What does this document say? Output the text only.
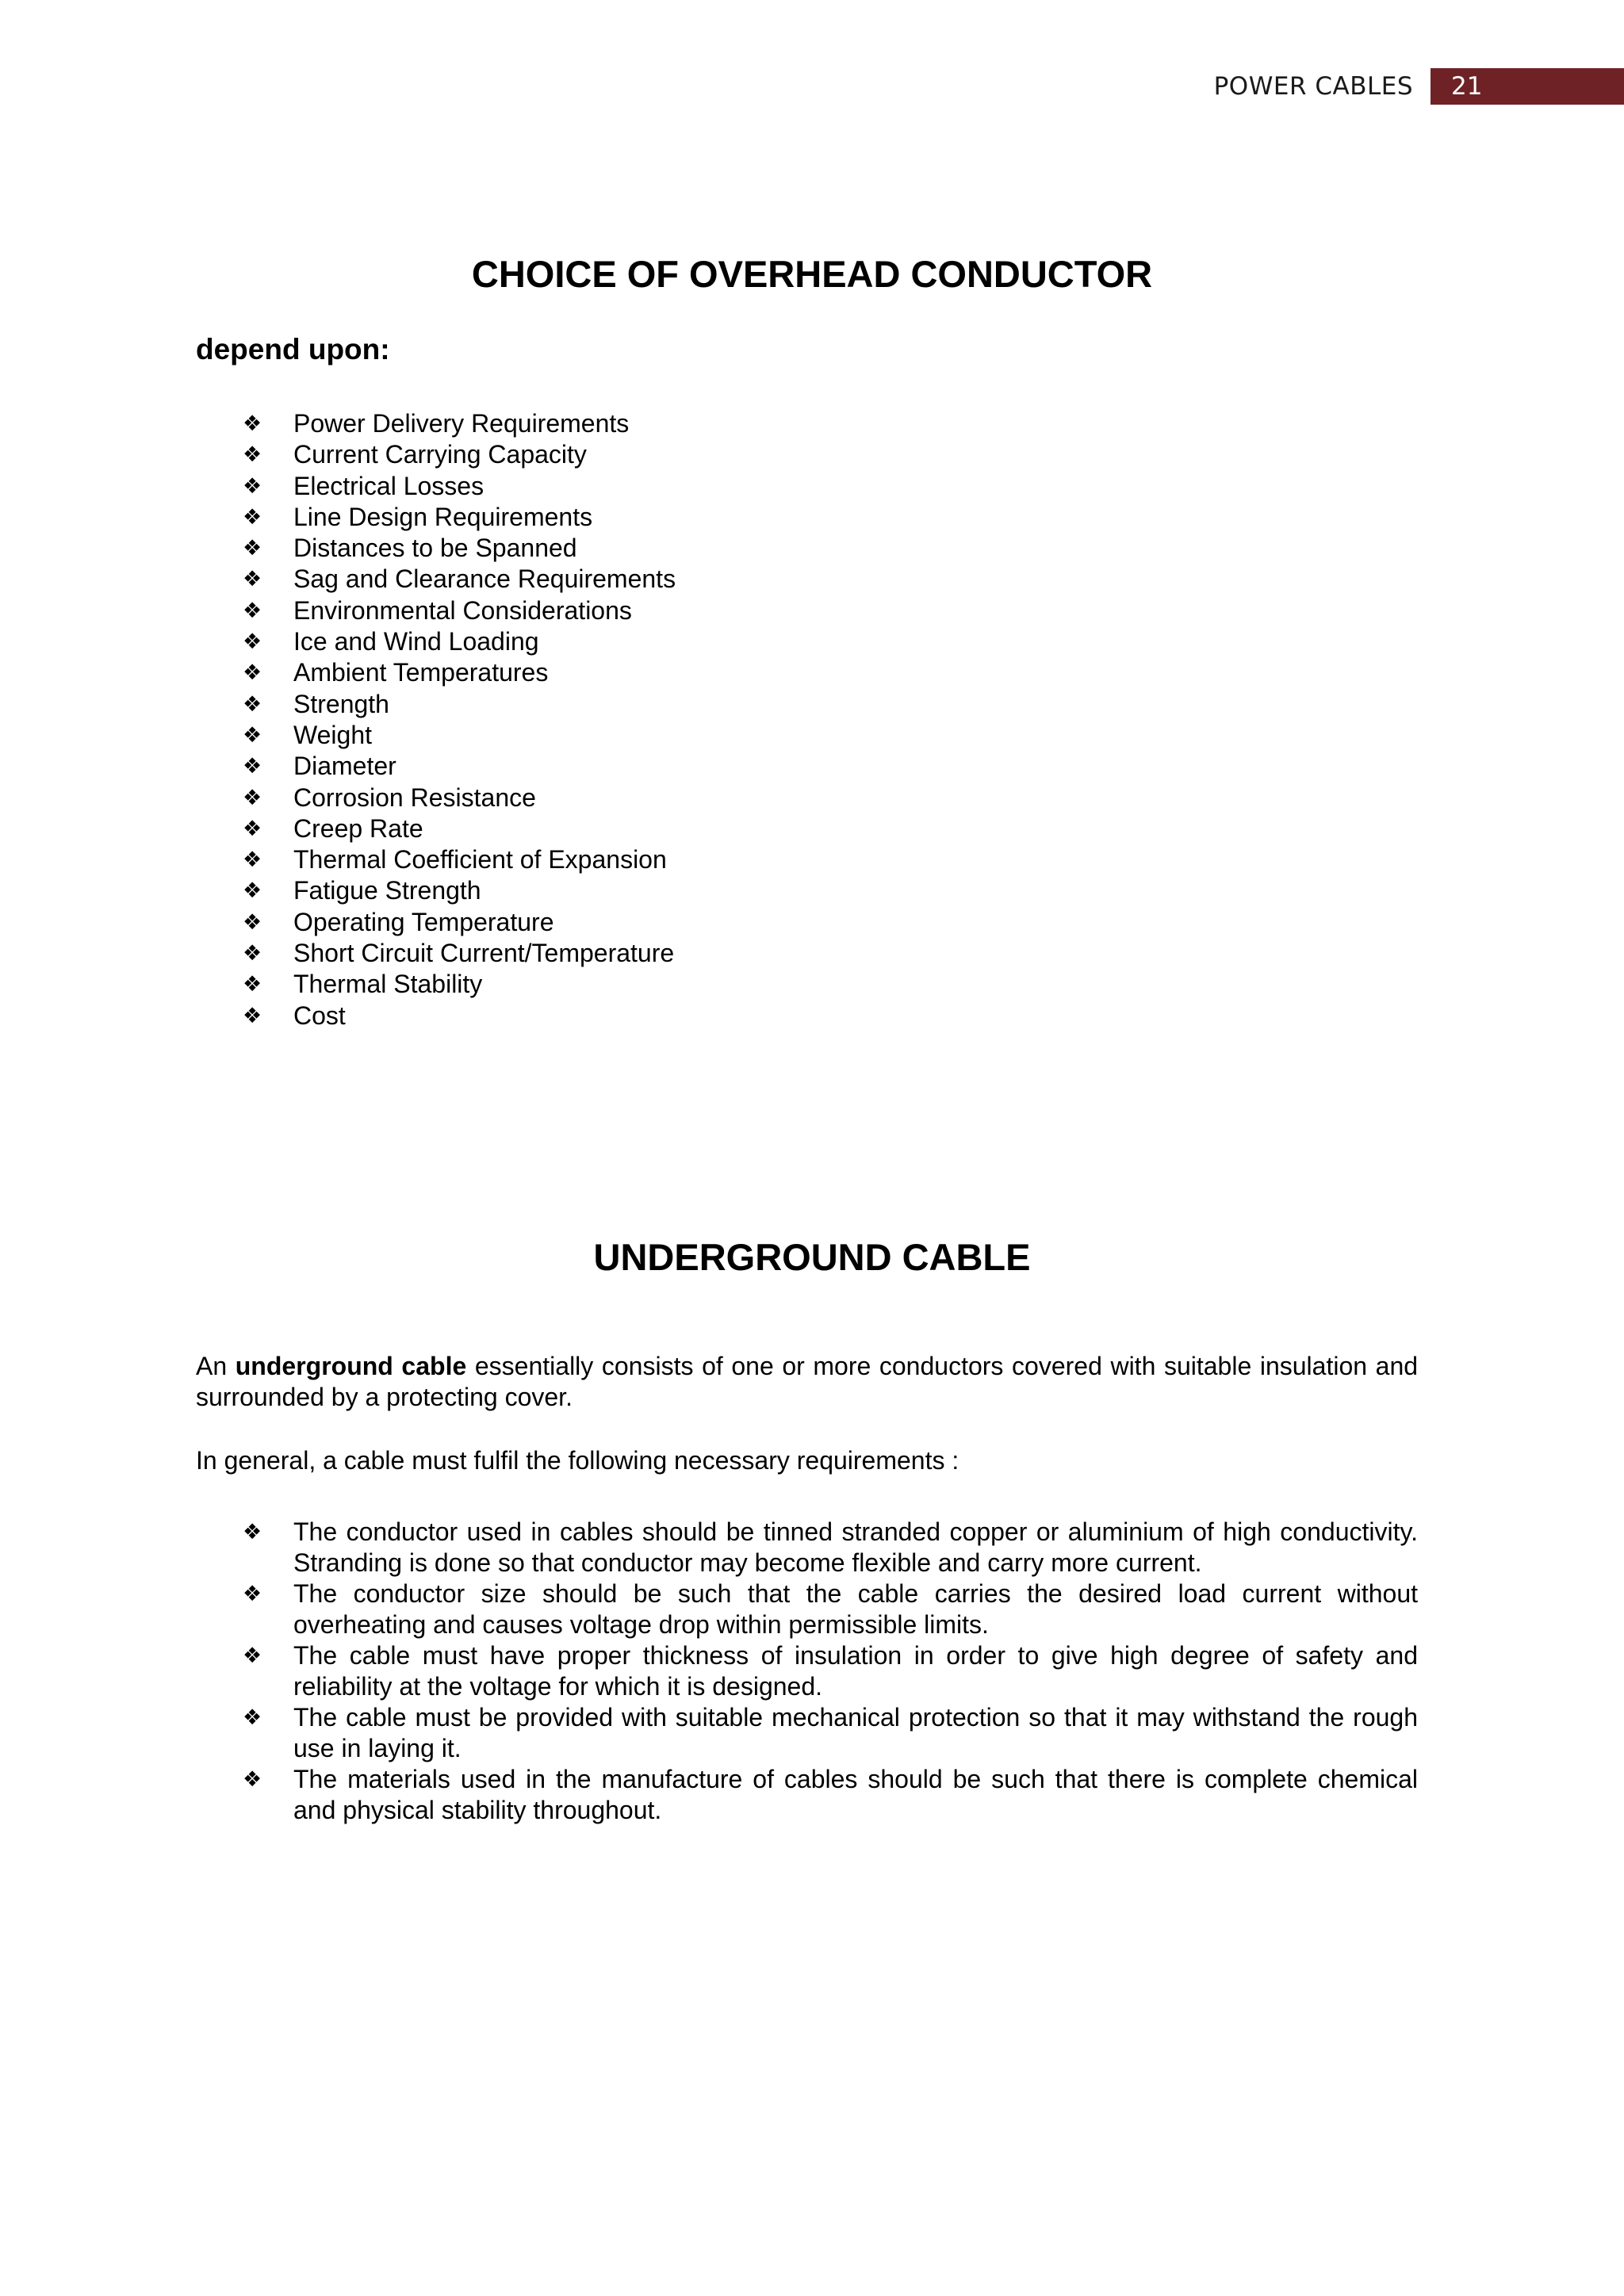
POWER CABLES	21
CHOICE OF OVERHEAD CONDUCTOR

depend upon:

❖ Power Delivery Requirements
❖ Current Carrying Capacity
❖ Electrical Losses
❖ Line Design Requirements
❖ Distances to be Spanned
❖ Sag and Clearance Requirements
❖ Environmental Considerations
❖ Ice and Wind Loading
❖ Ambient Temperatures
❖ Strength
❖ Weight
❖ Diameter
❖ Corrosion Resistance
❖ Creep Rate
❖ Thermal Coefficient of Expansion
❖ Fatigue Strength
❖ Operating Temperature
❖ Short Circuit Current/Temperature
❖ Thermal Stability
❖ Cost
UNDERGROUND CABLE

An underground cable essentially consists of one or more conductors covered with suitable insulation and surrounded by a protecting cover.

In general, a cable must fulfil the following necessary requirements :

❖ The conductor used in cables should be tinned stranded copper or aluminium of high conductivity. Stranding is done so that conductor may become flexible and carry more current.
❖ The conductor size should be such that the cable carries the desired load current without overheating and causes voltage drop within permissible limits.
❖ The cable must have proper thickness of insulation in order to give high degree of safety and reliability at the voltage for which it is designed.
❖ The cable must be provided with suitable mechanical protection so that it may withstand the rough use in laying it.
❖ The materials used in the manufacture of cables should be such that there is complete chemical and physical stability throughout.
